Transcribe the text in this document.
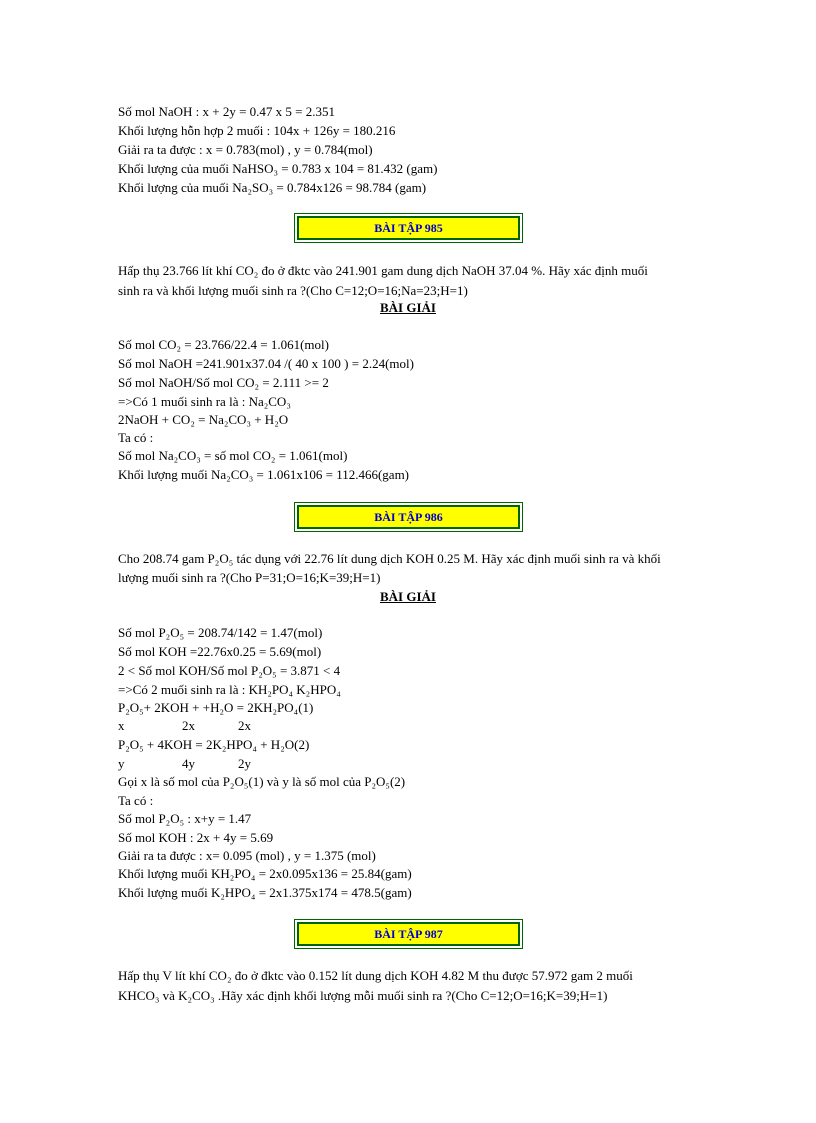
Số mol NaOH : x + 2y = 0.47 x 5 = 2.351
Khối lượng hỗn hợp 2 muối : 104x + 126y = 180.216
Giải ra ta được : x = 0.783(mol) , y = 0.784(mol)
Khối lượng của muối NaHSO₃ = 0.783 x 104 = 81.432 (gam)
Khối lượng của muối Na₂SO₃ = 0.784x126 = 98.784 (gam)
BÀI TẬP 985
Hấp thụ 23.766 lít khí CO₂ đo ở đktc vào 241.901 gam dung dịch NaOH 37.04 %. Hãy xác định muối
sinh ra và khối lượng muối sinh ra ?(Cho C=12;O=16;Na=23;H=1)
BÀI GIẢI
Số mol CO₂ = 23.766/22.4 = 1.061(mol)
Số mol NaOH =241.901x37.04 /( 40 x 100 ) = 2.24(mol)
Số mol NaOH/Số mol CO₂ = 2.111 >= 2
=>Có 1 muối sinh ra là : Na₂CO₃
2NaOH + CO₂ = Na₂CO₃ + H₂O
Ta có :
Số mol Na₂CO₃ = số mol CO₂ = 1.061(mol)
Khối lượng muối Na₂CO₃ = 1.061x106 = 112.466(gam)
BÀI TẬP 986
Cho 208.74 gam P₂O₅ tác dụng với 22.76 lít dung dịch KOH 0.25 M. Hãy xác định muối sinh ra và khối
lượng muối sinh ra ?(Cho P=31;O=16;K=39;H=1)
BÀI GIẢI
Số mol P₂O₅ = 208.74/142 = 1.47(mol)
Số mol KOH =22.76x0.25 = 5.69(mol)
2 < Số mol KOH/Số mol P₂O₅ = 3.871 < 4
=>Có 2 muối sinh ra là : KH₂PO₄ K₂HPO₄
P₂O₅+ 2KOH + +H₂O = 2KH₂PO₄(1)
x	2x	2x
P₂O₅ + 4KOH = 2K₂HPO₄ + H₂O(2)
y	4y	2y
Gọi x là số mol của P₂O₅(1) và y là số mol của P₂O₅(2)
Ta có :
Số mol P₂O₅ : x+y = 1.47
Số mol KOH : 2x + 4y = 5.69
Giải ra ta được : x= 0.095 (mol) , y = 1.375 (mol)
Khối lượng muối KH₂PO₄ = 2x0.095x136 = 25.84(gam)
Khối lượng muối K₂HPO₄ = 2x1.375x174 = 478.5(gam)
BÀI TẬP 987
Hấp thụ V lít khí CO₂ đo ở đktc vào 0.152 lít dung dịch KOH 4.82 M thu được 57.972 gam 2 muối
KHCO₃ và K₂CO₃ .Hãy xác định khối lượng mỗi muối sinh ra ?(Cho C=12;O=16;K=39;H=1)
